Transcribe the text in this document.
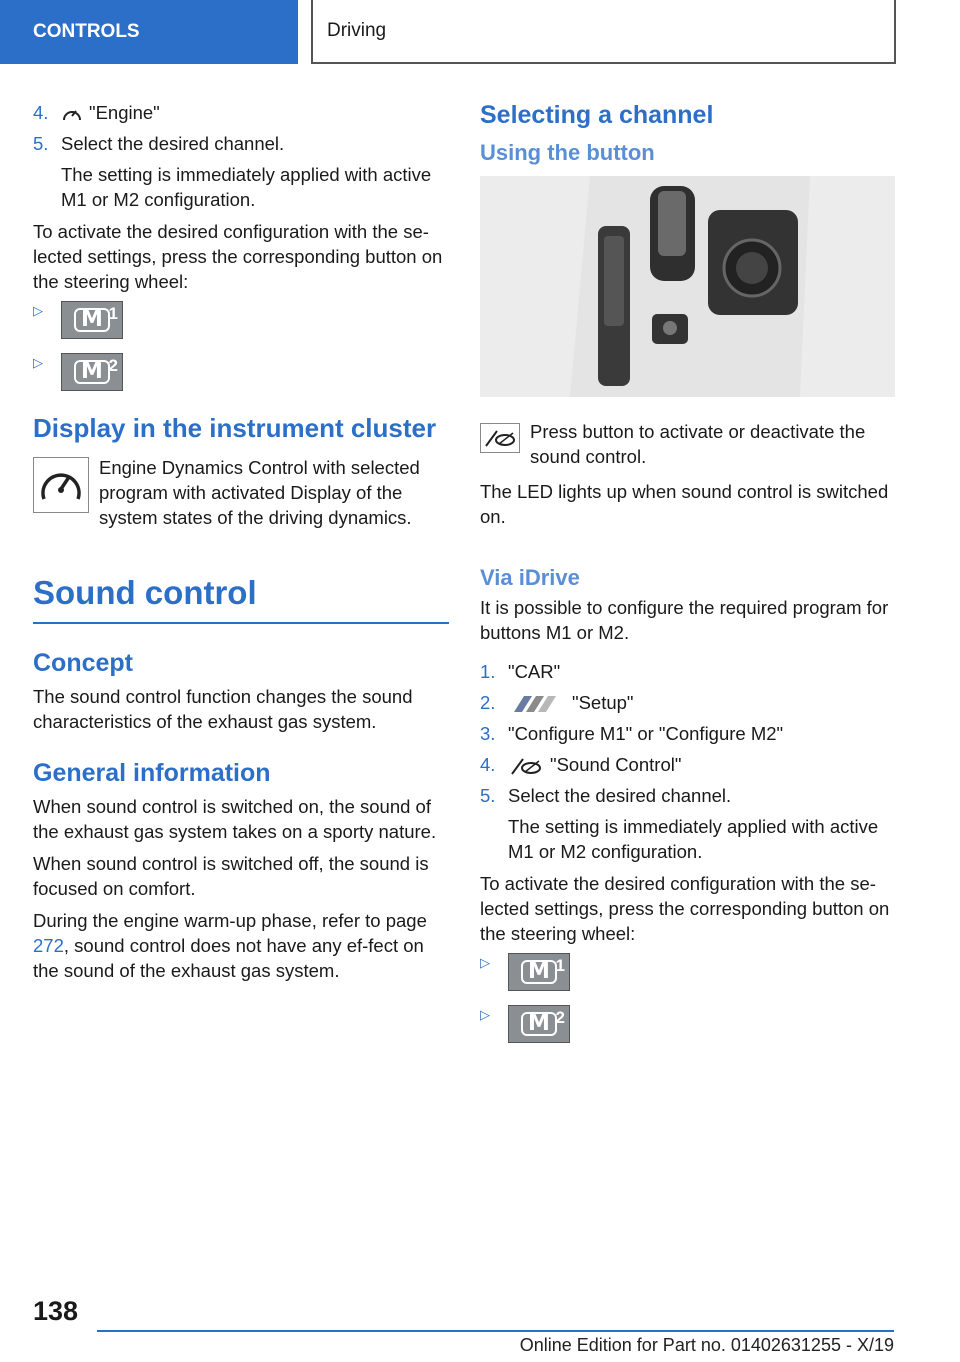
CONTROLS	Driving
4.	"Engine"
5. Select the desired channel.

The setting is immediately applied with active M1 or M2 configuration.

To activate the desired configuration with the se-lected settings, press the corresponding button on the steering wheel:

▷	M 1
▷	M 2
Display in the instrument cluster
Engine Dynamics Control with selected program with activated Display of the system states of the driving dynamics.
Sound control
Concept

The sound control function changes the sound characteristics of the exhaust gas system.

General information

When sound control is switched on, the sound of the exhaust gas system takes on a sporty nature.

When sound control is switched off, the sound is focused on comfort.

During the engine warm-up phase, refer to page 272, sound control does not have any ef-fect on the sound of the exhaust gas system.

Selecting a channel
Using the button
Press button to activate or deactivate the sound control.

The LED lights up when sound control is switched on.

Via iDrive

It is possible to configure the required program for buttons M1 or M2.

1. "CAR"
2.	"Setup"
3. "Configure M1" or "Configure M2"
4.	"Sound Control"
5. Select the desired channel.

The setting is immediately applied with active M1 or M2 configuration.

To activate the desired configuration with the se-lected settings, press the corresponding button on the steering wheel:

▷	M 1
▷	M 2
138
Online Edition for Part no. 01402631255 - X/19
